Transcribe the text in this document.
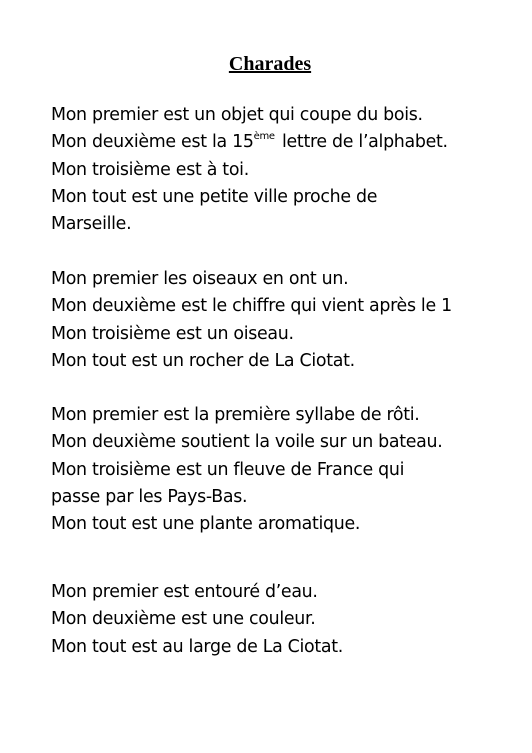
Charades
Mon premier est un objet qui coupe du bois.
Mon deuxième est la 15ème lettre de l’alphabet.
Mon troisième est à toi.
Mon tout est une petite ville proche de
Marseille.
Mon premier les oiseaux en ont un.
Mon deuxième est le chiffre qui vient après le 1
Mon troisième est un oiseau.
Mon tout est un rocher de La Ciotat.
Mon premier est la première syllabe de rôti.
Mon deuxième soutient la voile sur un bateau.
Mon troisième est un fleuve de France qui
passe par les Pays-Bas.
Mon tout est une plante aromatique.
Mon premier est entouré d’eau.
Mon deuxième est une couleur.
Mon tout est au large de La Ciotat.
